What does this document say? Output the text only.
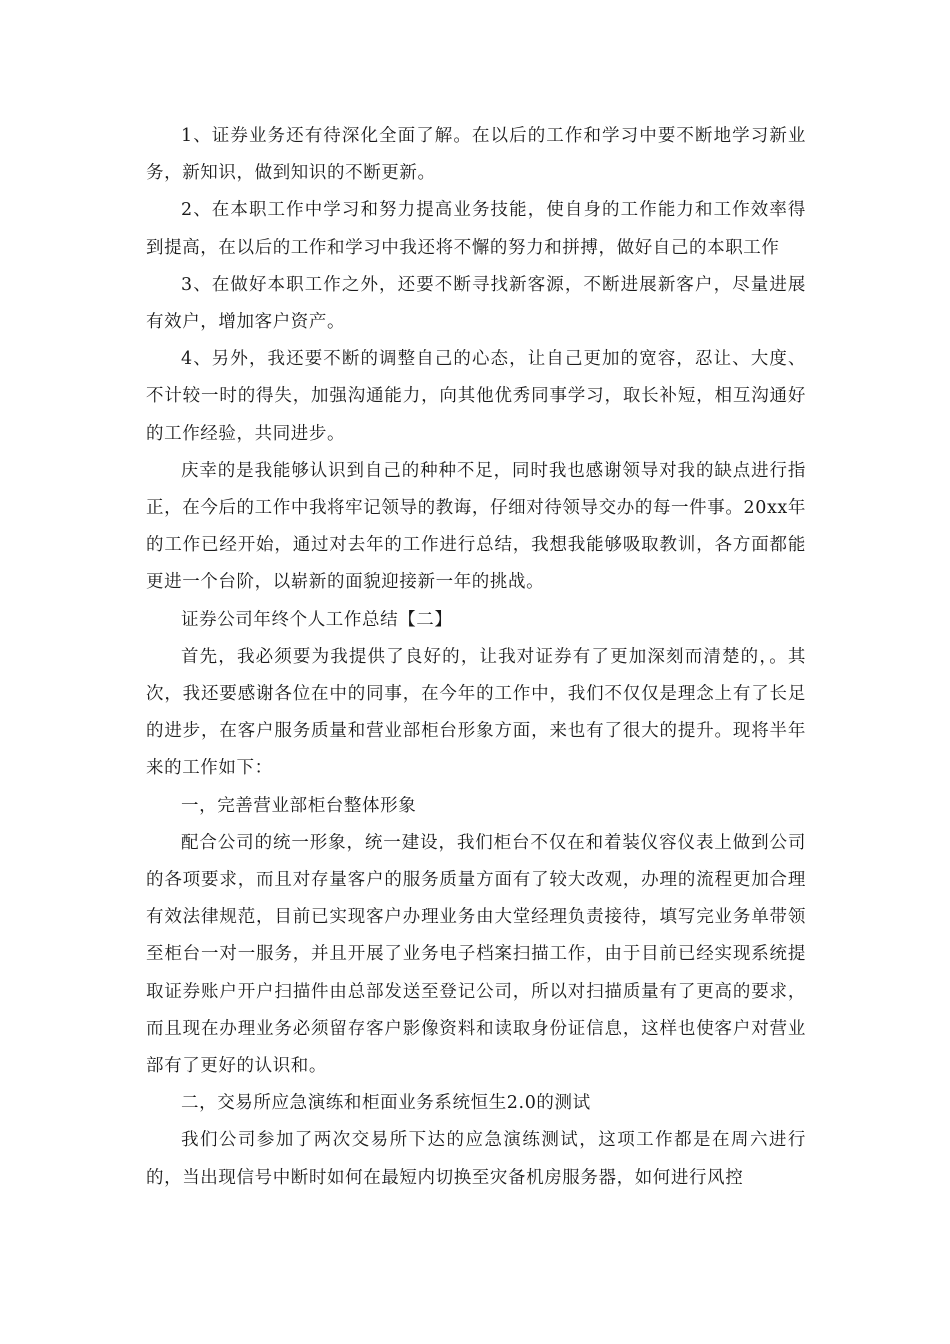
1、证券业务还有待深化全面了解。在以后的工作和学习中要不断地学习新业务，新知识，做到知识的不断更新。

2、在本职工作中学习和努力提高业务技能，使自身的工作能力和工作效率得到提高，在以后的工作和学习中我还将不懈的努力和拼搏，做好自己的本职工作

3、在做好本职工作之外，还要不断寻找新客源，不断进展新客户，尽量进展有效户，增加客户资产。

4、另外，我还要不断的调整自己的心态，让自己更加的宽容，忍让、大度、不计较一时的得失，加强沟通能力，向其他优秀同事学习，取长补短，相互沟通好的工作经验，共同进步。

庆幸的是我能够认识到自己的种种不足，同时我也感谢领导对我的缺点进行指正，在今后的工作中我将牢记领导的教诲，仔细对待领导交办的每一件事。20xx年的工作已经开始，通过对去年的工作进行总结，我想我能够吸取教训，各方面都能更进一个台阶，以崭新的面貌迎接新一年的挑战。

证券公司年终个人工作总结【二】

首先，我必须要为我提供了良好的，让我对证券有了更加深刻而清楚的，。其次，我还要感谢各位在中的同事，在今年的工作中，我们不仅仅是理念上有了长足的进步，在客户服务质量和营业部柜台形象方面，来也有了很大的提升。现将半年来的工作如下：

一，完善营业部柜台整体形象

配合公司的统一形象，统一建设，我们柜台不仅在和着装仪容仪表上做到公司的各项要求，而且对存量客户的服务质量方面有了较大改观，办理的流程更加合理有效法律规范，目前已实现客户办理业务由大堂经理负责接待，填写完业务单带领至柜台一对一服务，并且开展了业务电子档案扫描工作，由于目前已经实现系统提取证券账户开户扫描件由总部发送至登记公司，所以对扫描质量有了更高的要求，而且现在办理业务必须留存客户影像资料和读取身份证信息，这样也使客户对营业部有了更好的认识和。

二，交易所应急演练和柜面业务系统恒生2.0的测试

我们公司参加了两次交易所下达的应急演练测试，这项工作都是在周六进行的，当出现信号中断时如何在最短内切换至灾备机房服务器，如何进行风控
